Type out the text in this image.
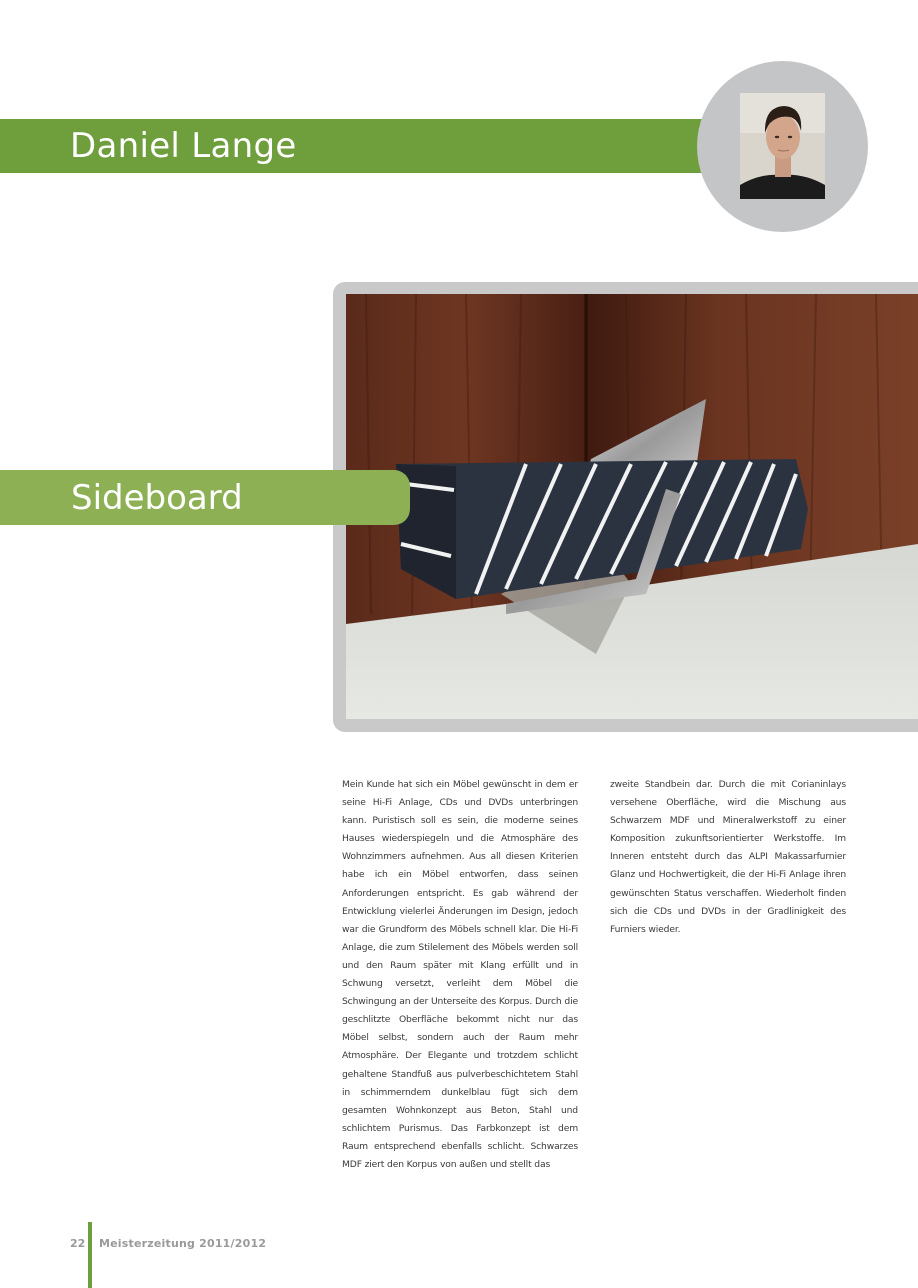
Daniel Lange
Sideboard
Mein Kunde hat sich ein Möbel gewünscht in dem er seine Hi-Fi Anlage, CDs und DVDs unterbringen kann. Puristisch soll es sein, die moderne seines Hauses wiederspiegeln und die Atmosphäre des Wohnzimmers aufnehmen. Aus all diesen Kriterien habe ich ein Möbel entworfen, dass seinen Anforderungen entspricht. Es gab während der Entwicklung vielerlei Änderungen im Design, jedoch war die Grundform des Möbels schnell klar. Die Hi-Fi Anlage, die zum Stilelement des Möbels werden soll und den Raum später mit Klang erfüllt und in Schwung versetzt, verleiht dem Möbel die Schwingung an der Unterseite des Korpus. Durch die geschlitzte Oberfläche bekommt nicht nur das Möbel selbst, sondern auch der Raum mehr Atmosphäre. Der Elegante und trotzdem schlicht gehaltene Standfuß aus pulverbeschichtetem Stahl in schimmerndem dunkelblau fügt sich dem gesamten Wohnkonzept aus Beton, Stahl und schlichtem Purismus. Das Farbkonzept ist dem Raum entsprechend ebenfalls schlicht. Schwarzes MDF ziert den Korpus von außen und stellt das
zweite Standbein dar. Durch die mit Corianinlays versehene Oberfläche, wird die Mischung aus Schwarzem MDF und Mineralwerkstoff zu einer Komposition zukunftsorientierter Werkstoffe. Im Inneren entsteht durch das ALPI Makassarfurnier Glanz und Hochwertigkeit, die der Hi-Fi Anlage ihren gewünschten Status verschaffen. Wiederholt finden sich die CDs und DVDs in der Gradlinigkeit des Furniers wieder.
22 Meisterzeitung 2011/2012
